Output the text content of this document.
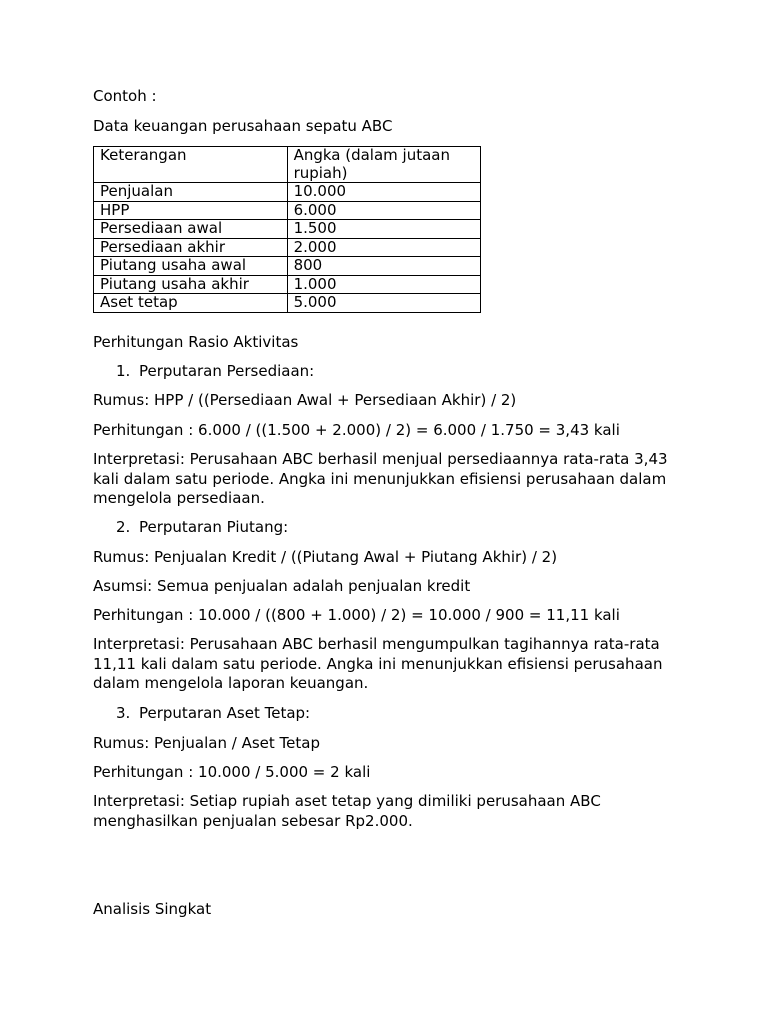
Contoh :
Data keuangan perusahaan sepatu ABC
Keterangan	Angka (dalam jutaan rupiah)
Penjualan	10.000
HPP	6.000
Persediaan awal	1.500
Persediaan akhir	2.000
Piutang usaha awal	800
Piutang usaha akhir	1.000
Aset tetap	5.000
Perhitungan Rasio Aktivitas
1. Perputaran Persediaan:
Rumus: HPP / ((Persediaan Awal + Persediaan Akhir) / 2)
Perhitungan : 6.000 / ((1.500 + 2.000) / 2) = 6.000 / 1.750 = 3,43 kali
Interpretasi: Perusahaan ABC berhasil menjual persediaannya rata-rata 3,43 kali dalam satu periode. Angka ini menunjukkan efisiensi perusahaan dalam mengelola persediaan.
2. Perputaran Piutang:
Rumus: Penjualan Kredit / ((Piutang Awal + Piutang Akhir) / 2)
Asumsi: Semua penjualan adalah penjualan kredit
Perhitungan : 10.000 / ((800 + 1.000) / 2) = 10.000 / 900 = 11,11 kali
Interpretasi: Perusahaan ABC berhasil mengumpulkan tagihannya rata-rata 11,11 kali dalam satu periode. Angka ini menunjukkan efisiensi perusahaan dalam mengelola laporan keuangan.
3. Perputaran Aset Tetap:
Rumus: Penjualan / Aset Tetap
Perhitungan : 10.000 / 5.000 = 2 kali
Interpretasi: Setiap rupiah aset tetap yang dimiliki perusahaan ABC menghasilkan penjualan sebesar Rp2.000.
Analisis Singkat
